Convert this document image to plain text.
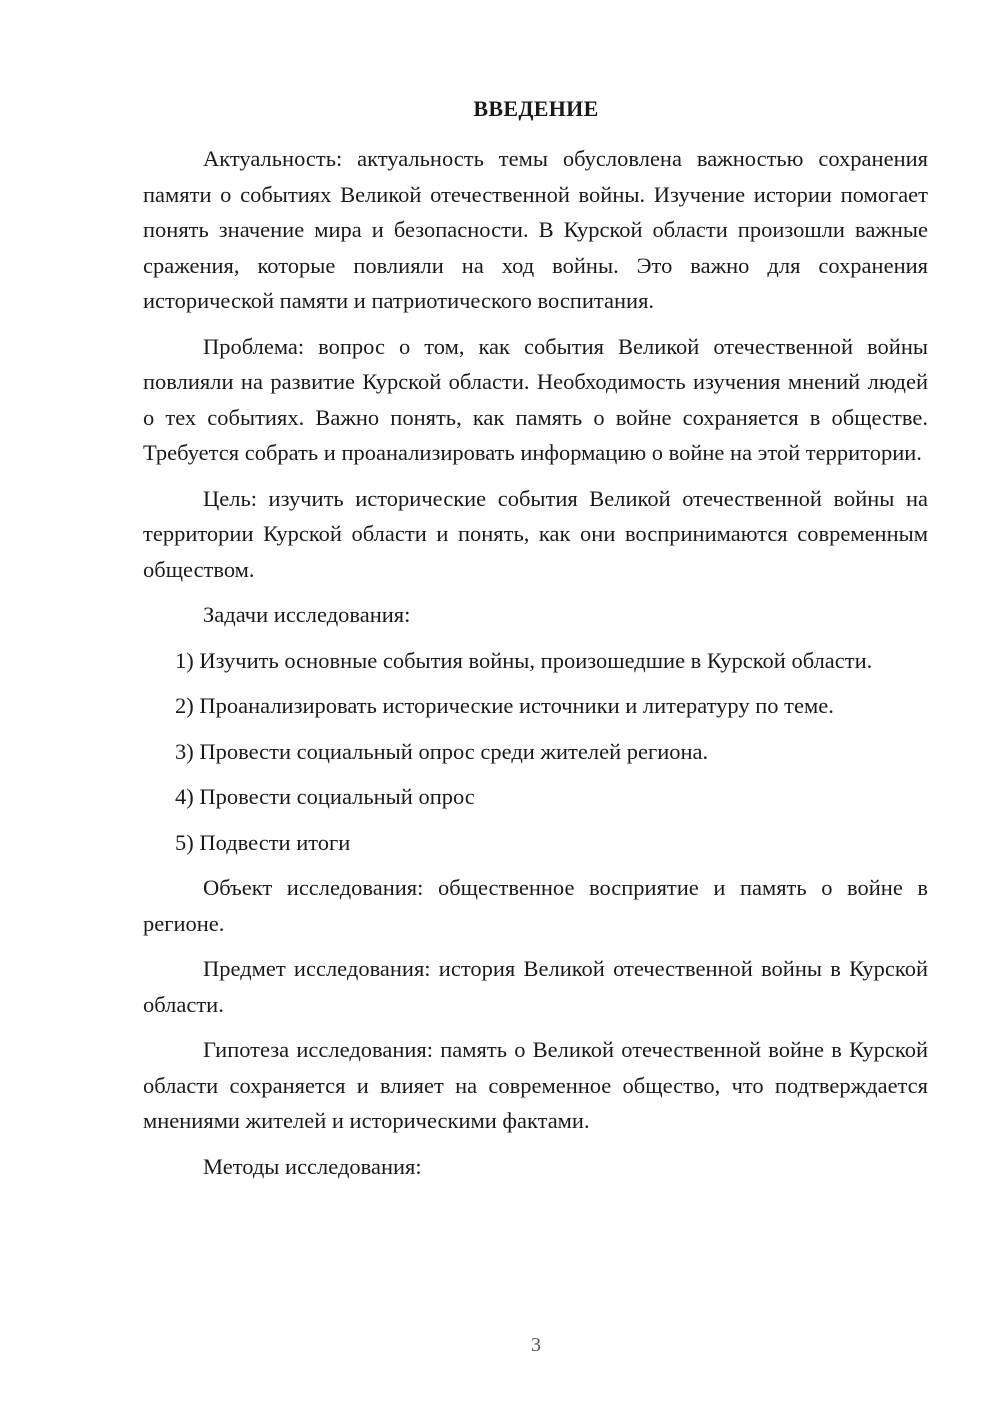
ВВЕДЕНИЕ

Актуальность: актуальность темы обусловлена важностью сохранения памяти о событиях Великой отечественной войны. Изучение истории помогает понять значение мира и безопасности. В Курской области произошли важные сражения, которые повлияли на ход войны. Это важно для сохранения исторической памяти и патриотического воспитания.

Проблема: вопрос о том, как события Великой отечественной войны повлияли на развитие Курской области. Необходимость изучения мнений людей о тех событиях. Важно понять, как память о войне сохраняется в обществе. Требуется собрать и проанализировать информацию о войне на этой территории.

Цель: изучить исторические события Великой отечественной войны на территории Курской области и понять, как они воспринимаются современным обществом.

Задачи исследования:

1) Изучить основные события войны, произошедшие в Курской области.

2) Проанализировать исторические источники и литературу по теме.

3) Провести социальный опрос среди жителей региона.

4) Провести социальный опрос

5) Подвести итоги

Объект исследования: общественное восприятие и память о войне в регионе.

Предмет исследования: история Великой отечественной войны в Курской области.

Гипотеза исследования: память о Великой отечественной войне в Курской области сохраняется и влияет на современное общество, что подтверждается мнениями жителей и историческими фактами.

Методы исследования:

3
